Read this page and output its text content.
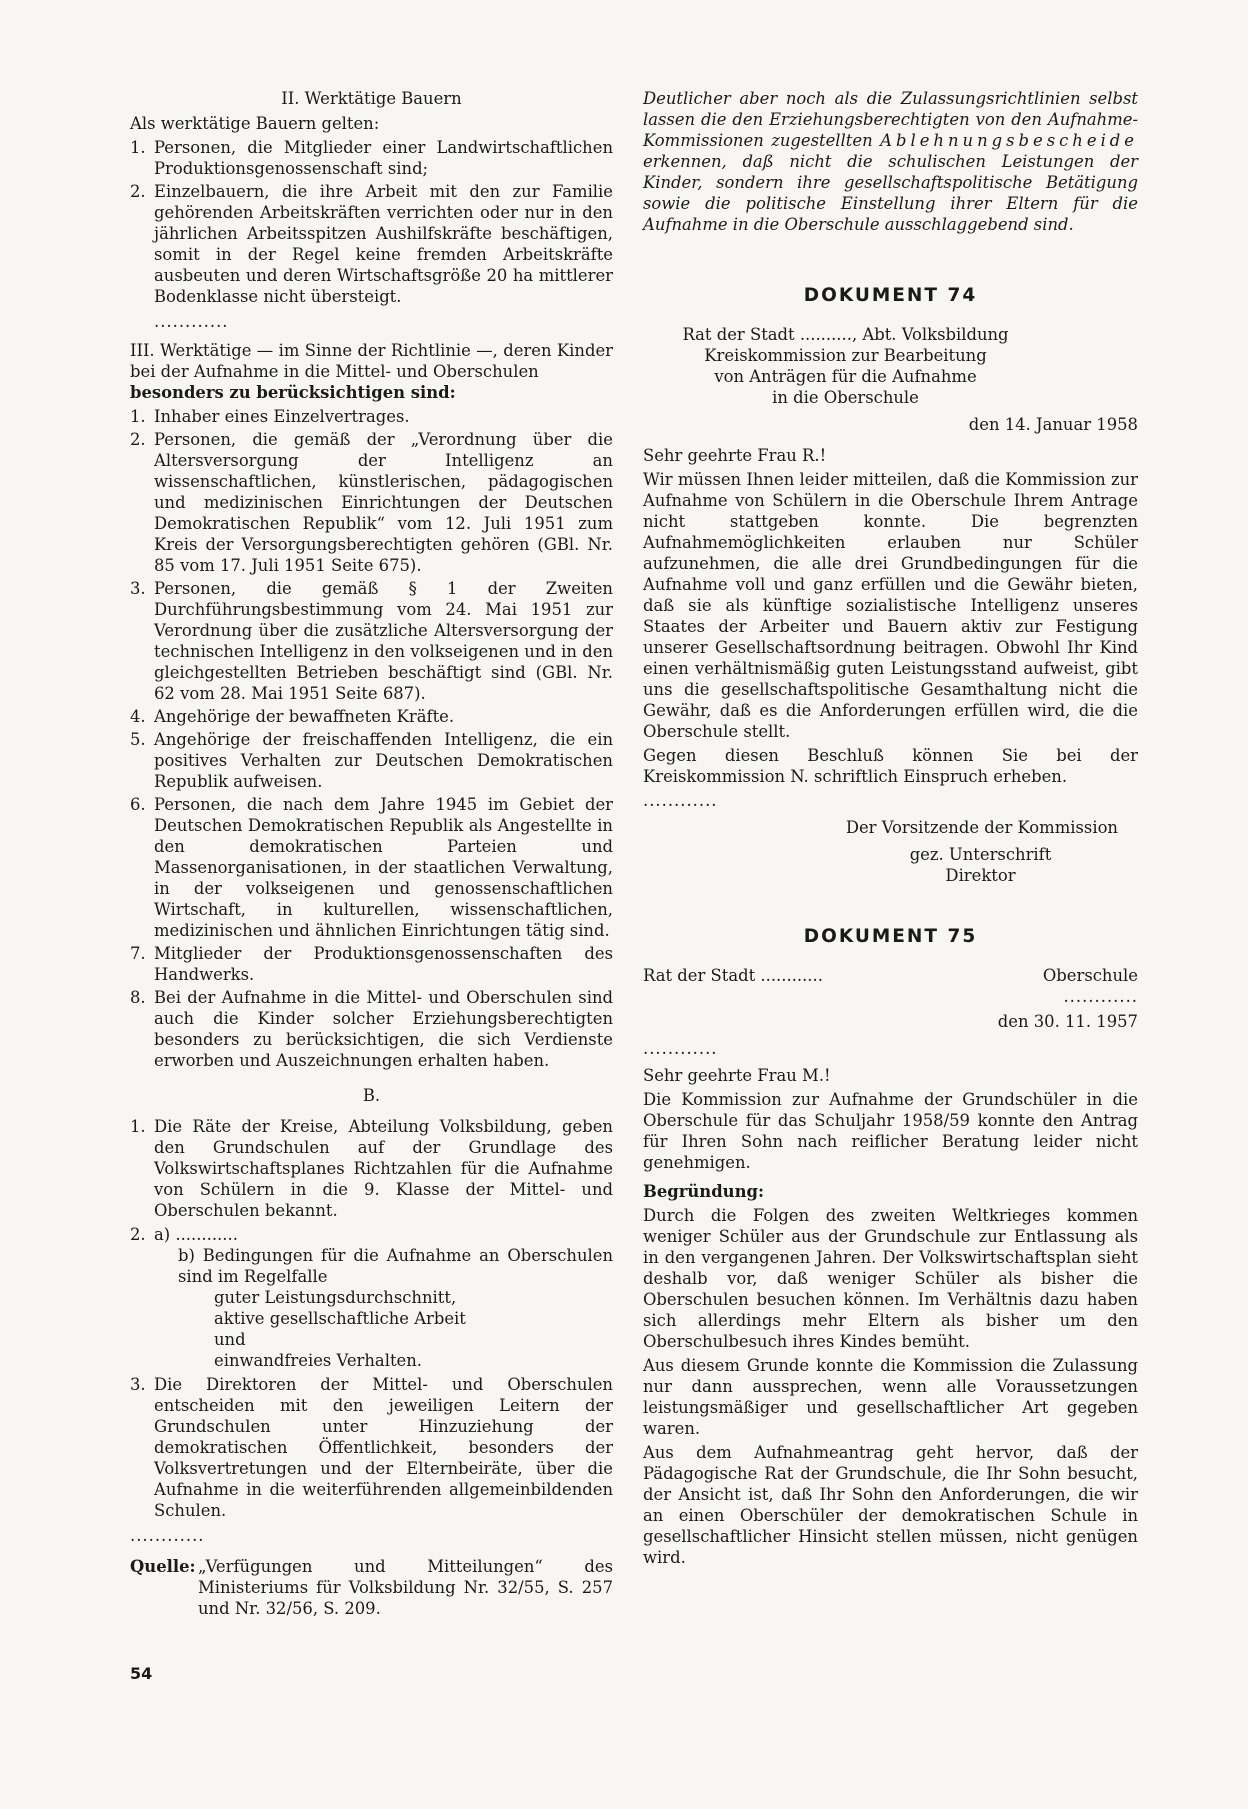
II. Werktätige Bauern

Als werktätige Bauern gelten:

1. Personen, die Mitglieder einer Landwirtschaftlichen Produktionsgenossenschaft sind;
2. Einzelbauern, die ihre Arbeit mit den zur Familie gehörenden Arbeitskräften verrichten oder nur in den jährlichen Arbeitsspitzen Aushilfskräfte beschäftigen, somit in der Regel keine fremden Arbeitskräfte ausbeuten und deren Wirtschaftsgröße 20 ha mittlerer Bodenklasse nicht übersteigt.

............

III. Werktätige — im Sinne der Richtlinie —, deren Kinder bei der Aufnahme in die Mittel- und Oberschulen

besonders zu berücksichtigen sind:

1. Inhaber eines Einzelvertrages.
2. Personen, die gemäß der „Verordnung über die Altersversorgung der Intelligenz an wissenschaftlichen, künstlerischen, pädagogischen und medizinischen Einrichtungen der Deutschen Demokratischen Republik“ vom 12. Juli 1951 zum Kreis der Versorgungsberechtigten gehören (GBl. Nr. 85 vom 17. Juli 1951 Seite 675).
3. Personen, die gemäß § 1 der Zweiten Durchführungsbestimmung vom 24. Mai 1951 zur Verordnung über die zusätzliche Altersversorgung der technischen Intelligenz in den volkseigenen und in den gleichgestellten Betrieben beschäftigt sind (GBl. Nr. 62 vom 28. Mai 1951 Seite 687).
4. Angehörige der bewaffneten Kräfte.
5. Angehörige der freischaffenden Intelligenz, die ein positives Verhalten zur Deutschen Demokratischen Republik aufweisen.
6. Personen, die nach dem Jahre 1945 im Gebiet der Deutschen Demokratischen Republik als Angestellte in den demokratischen Parteien und Massenorganisationen, in der staatlichen Verwaltung, in der volkseigenen und genossenschaftlichen Wirtschaft, in kulturellen, wissenschaftlichen, medizinischen und ähnlichen Einrichtungen tätig sind.
7. Mitglieder der Produktionsgenossenschaften des Handwerks.
8. Bei der Aufnahme in die Mittel- und Oberschulen sind auch die Kinder solcher Erziehungsberechtigten besonders zu berücksichtigen, die sich Verdienste erworben und Auszeichnungen erhalten haben.

B.

1. Die Räte der Kreise, Abteilung Volksbildung, geben den Grundschulen auf der Grundlage des Volkswirtschaftsplanes Richtzahlen für die Aufnahme von Schülern in die 9. Klasse der Mittel- und Oberschulen bekannt.
2. a) ............
b) Bedingungen für die Aufnahme an Oberschulen sind im Regelfalle
guter Leistungsdurchschnitt,
aktive gesellschaftliche Arbeit
und
einwandfreies Verhalten.
3. Die Direktoren der Mittel- und Oberschulen entscheiden mit den jeweiligen Leitern der Grundschulen unter Hinzuziehung der demokratischen Öffentlichkeit, besonders der Volksvertretungen und der Elternbeiräte, über die Aufnahme in die weiterführenden allgemeinbildenden Schulen.

............

Quelle: „Verfügungen und Mitteilungen“ des Ministeriums für Volksbildung Nr. 32/55, S. 257 und Nr. 32/56, S. 209.

Deutlicher aber noch als die Zulassungsrichtlinien selbst lassen die den Erziehungsberechtigten von den Aufnahme-Kommissionen zugestellten Ablehnungsbescheide erkennen, daß nicht die schulischen Leistungen der Kinder, sondern ihre gesellschaftspolitische Betätigung sowie die politische Einstellung ihrer Eltern für die Aufnahme in die Oberschule ausschlaggebend sind.

DOKUMENT 74
Rat der Stadt .........., Abt. Volksbildung
Kreiskommission zur Bearbeitung
von Anträgen für die Aufnahme
in die Oberschule

den 14. Januar 1958

Sehr geehrte Frau R.!

Wir müssen Ihnen leider mitteilen, daß die Kommission zur Aufnahme von Schülern in die Oberschule Ihrem Antrage nicht stattgeben konnte. Die begrenzten Aufnahmemöglichkeiten erlauben nur Schüler aufzunehmen, die alle drei Grundbedingungen für die Aufnahme voll und ganz erfüllen und die Gewähr bieten, daß sie als künftige sozialistische Intelligenz unseres Staates der Arbeiter und Bauern aktiv zur Festigung unserer Gesellschaftsordnung beitragen. Obwohl Ihr Kind einen verhältnismäßig guten Leistungsstand aufweist, gibt uns die gesellschaftspolitische Gesamthaltung nicht die Gewähr, daß es die Anforderungen erfüllen wird, die die Oberschule stellt.

Gegen diesen Beschluß können Sie bei der Kreiskommission N. schriftlich Einspruch erheben.

............

Der Vorsitzende der Kommission

gez. Unterschrift

Direktor

DOKUMENT 75
Rat der Stadt ............	Oberschule

............

den 30. 11. 1957

............

Sehr geehrte Frau M.!

Die Kommission zur Aufnahme der Grundschüler in die Oberschule für das Schuljahr 1958/59 konnte den Antrag für Ihren Sohn nach reiflicher Beratung leider nicht genehmigen.

Begründung:

Durch die Folgen des zweiten Weltkrieges kommen weniger Schüler aus der Grundschule zur Entlassung als in den vergangenen Jahren. Der Volkswirtschaftsplan sieht deshalb vor, daß weniger Schüler als bisher die Oberschulen besuchen können. Im Verhältnis dazu haben sich allerdings mehr Eltern als bisher um den Oberschulbesuch ihres Kindes bemüht.

Aus diesem Grunde konnte die Kommission die Zulassung nur dann aussprechen, wenn alle Voraussetzungen leistungsmäßiger und gesellschaftlicher Art gegeben waren.

Aus dem Aufnahmeantrag geht hervor, daß der Pädagogische Rat der Grundschule, die Ihr Sohn besucht, der Ansicht ist, daß Ihr Sohn den Anforderungen, die wir an einen Oberschüler der demokratischen Schule in gesellschaftlicher Hinsicht stellen müssen, nicht genügen wird.

54
